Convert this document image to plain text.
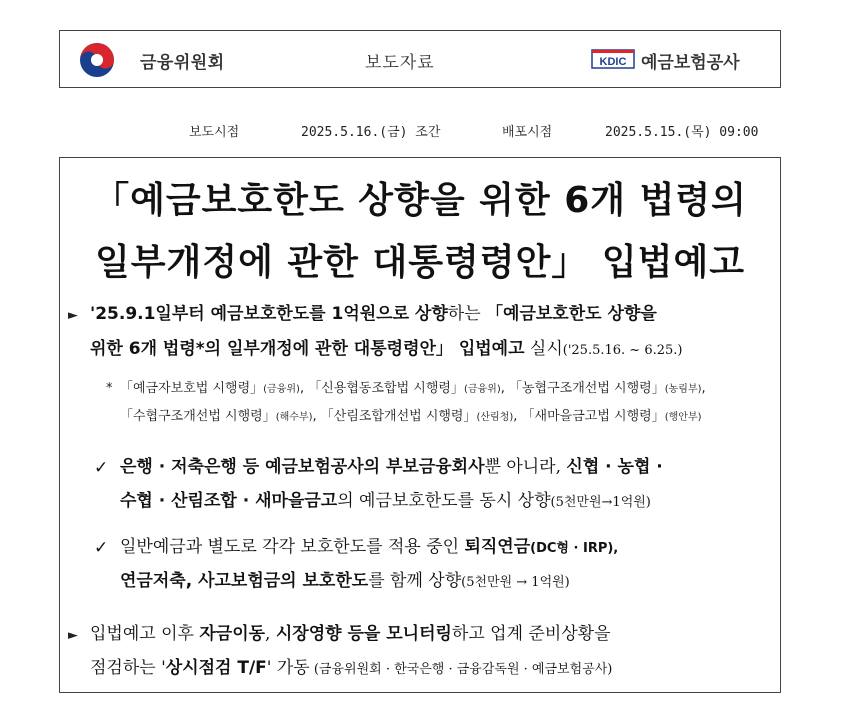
금융위원회	보도자료	KDIC 예금보험공사
보도시점	2025.5.16.(금) 조간	배포시점	2025.5.15.(목) 09:00
「예금보호한도 상향을 위한 6개 법령의
일부개정에 관한 대통령령안」 입법예고
► '25.9.1일부터 예금보호한도를 1억원으로 상향하는 「예금보호한도 상향을
위한 6개 법령*의 일부개정에 관한 대통령령안」 입법예고 실시('25.5.16. ~ 6.25.)
* 「예금자보호법 시행령」(금융위), 「신용협동조합법 시행령」(금융위), 「농협구조개선법 시행령」(농림부),
「수협구조개선법 시행령」(해수부), 「산림조합개선법 시행령」(산림청), 「새마을금고법 시행령」(행안부)
✓ 은행 · 저축은행 등 예금보험공사의 부보금융회사뿐 아니라, 신협 · 농협 ·
수협 · 산림조합 · 새마을금고의 예금보호한도를 동시 상향(5천만원→1억원)
✓ 일반예금과 별도로 각각 보호한도를 적용 중인 퇴직연금(DC형 · IRP),
연금저축, 사고보험금의 보호한도를 함께 상향(5천만원 → 1억원)
► 입법예고 이후 자금이동, 시장영향 등을 모니터링하고 업계 준비상황을
점검하는 '상시점검 T/F' 가동 (금융위원회 · 한국은행 · 금융감독원 · 예금보험공사)
